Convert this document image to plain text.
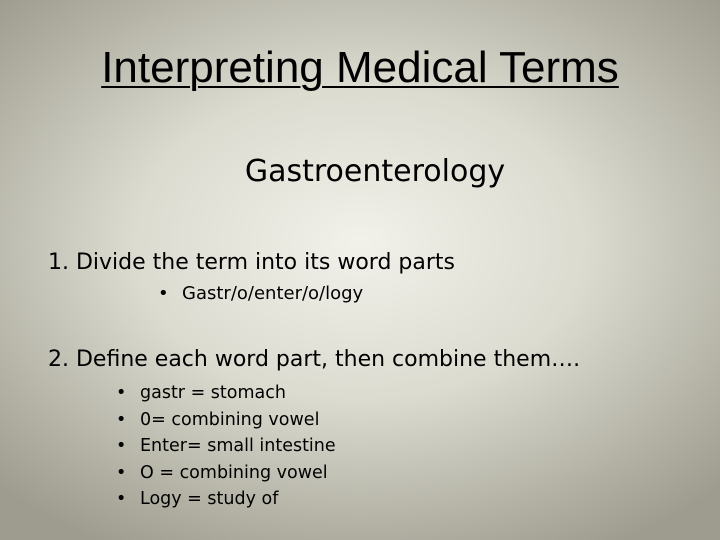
Interpreting Medical Terms
Gastroenterology
1. Divide the term into its word parts
• Gastr/o/enter/o/logy
2. Define each word part, then combine them….
• gastr = stomach
• 0= combining vowel
• Enter= small intestine
• O = combining vowel
• Logy = study of
